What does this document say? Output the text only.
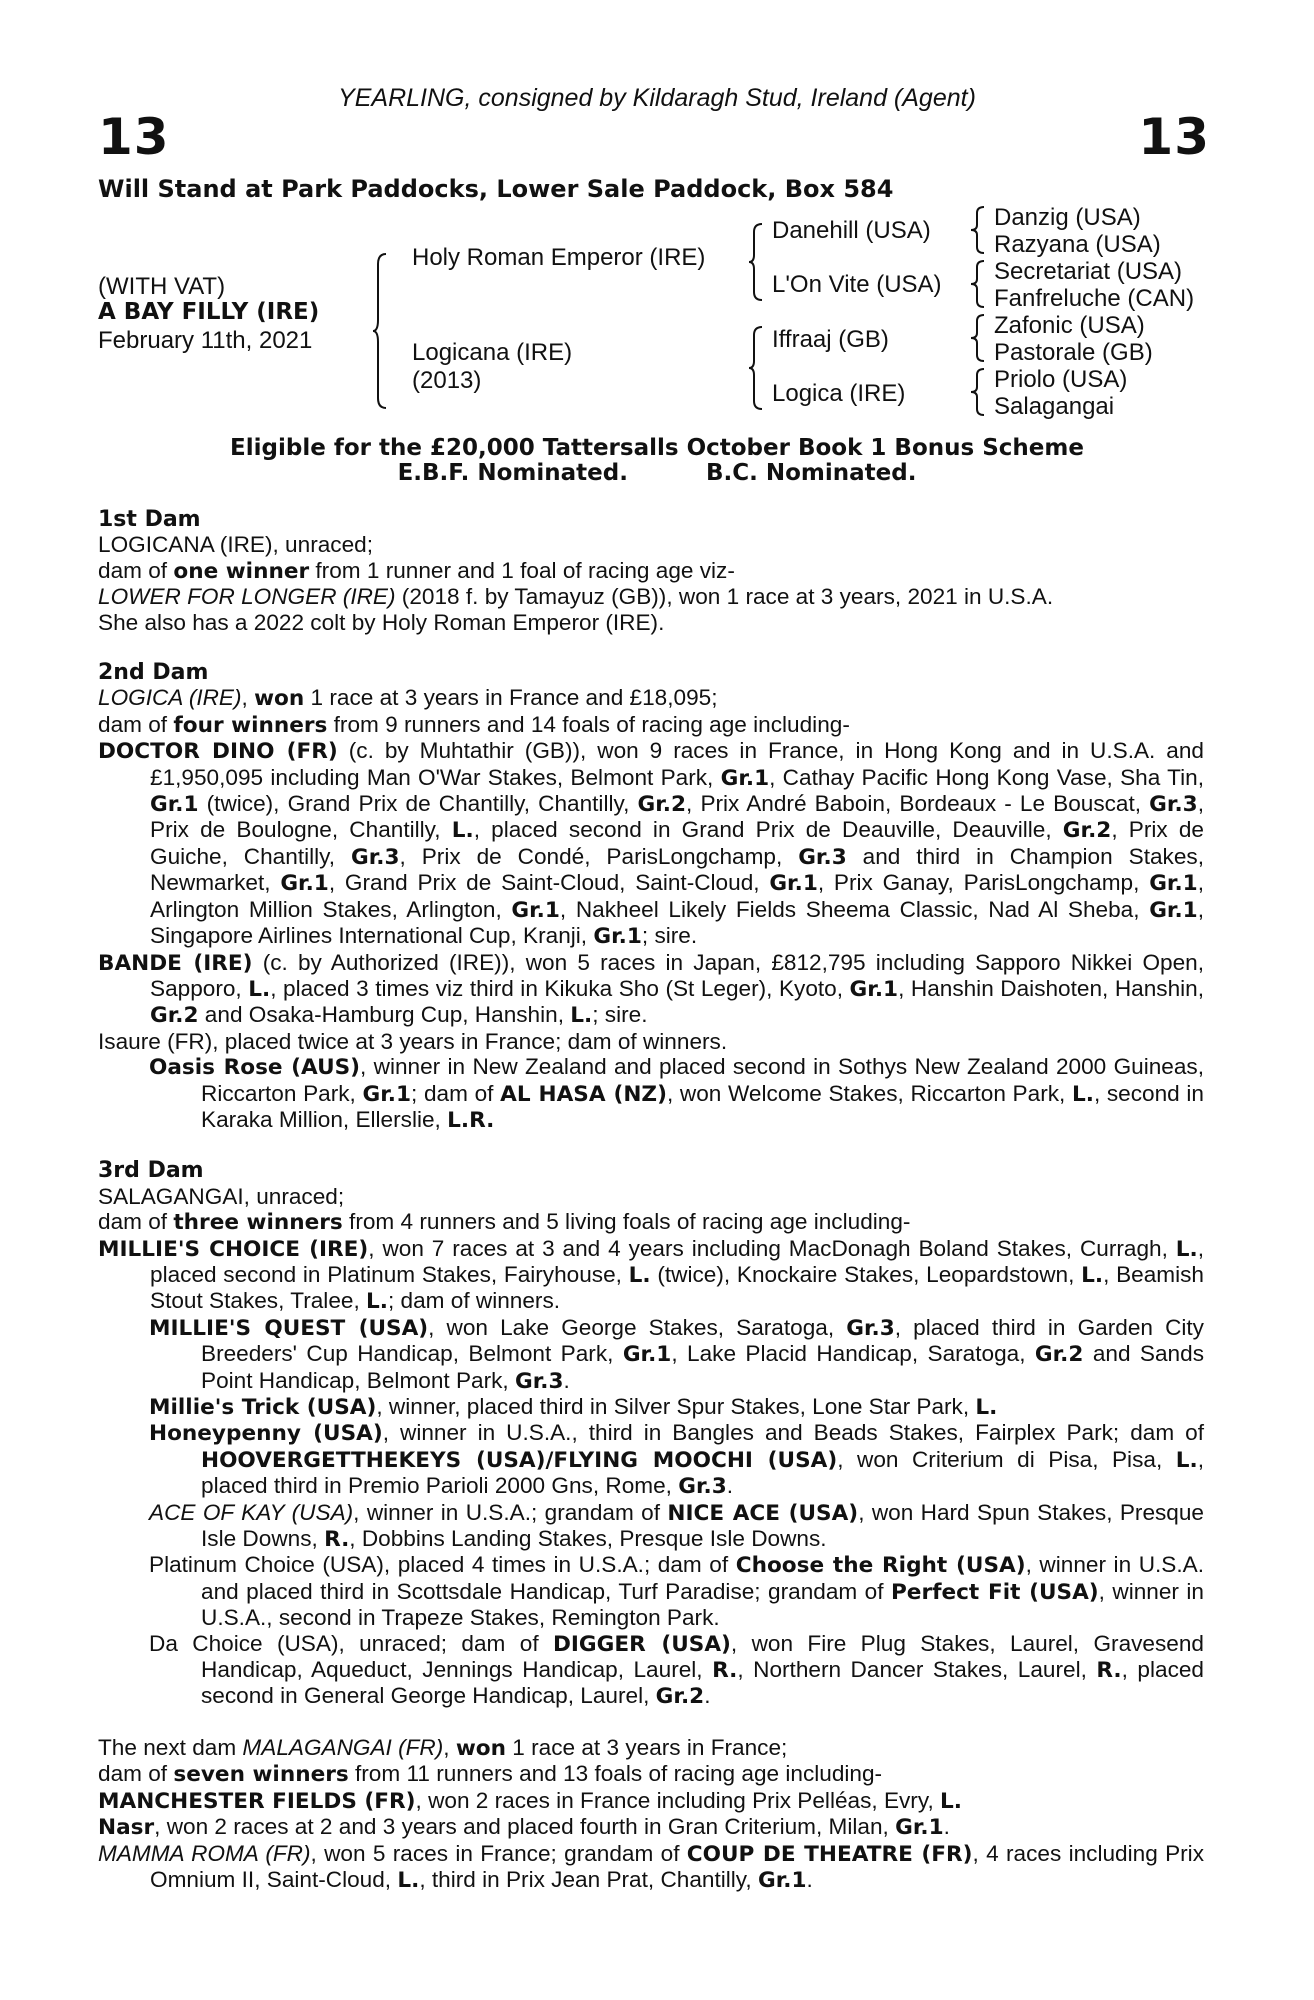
YEARLING, consigned by Kildaragh Stud, Ireland (Agent)
13	13
Will Stand at Park Paddocks, Lower Sale Paddock, Box 584
(WITH VAT)
A BAY FILLY (IRE)
February 11th, 2021
Holy Roman Emperor (IRE)
Logicana (IRE)
(2013)
Danehill (USA)
L'On Vite (USA)
Iffraaj (GB)
Logica (IRE)
Danzig (USA)
Razyana (USA)
Secretariat (USA)
Fanfreluche (CAN)
Zafonic (USA)
Pastorale (GB)
Priolo (USA)
Salagangai
Eligible for the £20,000 Tattersalls October Book 1 Bonus Scheme
E.B.F. Nominated.	B.C. Nominated.
1st Dam
LOGICANA (IRE), unraced;
dam of one winner from 1 runner and 1 foal of racing age viz-
LOWER FOR LONGER (IRE) (2018 f. by Tamayuz (GB)), won 1 race at 3 years, 2021 in U.S.A.
She also has a 2022 colt by Holy Roman Emperor (IRE).
2nd Dam
LOGICA (IRE), won 1 race at 3 years in France and £18,095;
dam of four winners from 9 runners and 14 foals of racing age including-
DOCTOR DINO (FR) (c. by Muhtathir (GB)), won 9 races in France, in Hong Kong and in U.S.A. and £1,950,095 including Man O'War Stakes, Belmont Park, Gr.1, Cathay Pacific Hong Kong Vase, Sha Tin, Gr.1 (twice), Grand Prix de Chantilly, Chantilly, Gr.2, Prix André Baboin, Bordeaux - Le Bouscat, Gr.3, Prix de Boulogne, Chantilly, L., placed second in Grand Prix de Deauville, Deauville, Gr.2, Prix de Guiche, Chantilly, Gr.3, Prix de Condé, ParisLongchamp, Gr.3 and third in Champion Stakes, Newmarket, Gr.1, Grand Prix de Saint-Cloud, Saint-Cloud, Gr.1, Prix Ganay, ParisLongchamp, Gr.1, Arlington Million Stakes, Arlington, Gr.1, Nakheel Likely Fields Sheema Classic, Nad Al Sheba, Gr.1, Singapore Airlines International Cup, Kranji, Gr.1; sire.
BANDE (IRE) (c. by Authorized (IRE)), won 5 races in Japan, £812,795 including Sapporo Nikkei Open, Sapporo, L., placed 3 times viz third in Kikuka Sho (St Leger), Kyoto, Gr.1, Hanshin Daishoten, Hanshin, Gr.2 and Osaka-Hamburg Cup, Hanshin, L.; sire.
Isaure (FR), placed twice at 3 years in France; dam of winners.
Oasis Rose (AUS), winner in New Zealand and placed second in Sothys New Zealand 2000 Guineas, Riccarton Park, Gr.1; dam of AL HASA (NZ), won Welcome Stakes, Riccarton Park, L., second in Karaka Million, Ellerslie, L.R.
3rd Dam
SALAGANGAI, unraced;
dam of three winners from 4 runners and 5 living foals of racing age including-
MILLIE'S CHOICE (IRE), won 7 races at 3 and 4 years including MacDonagh Boland Stakes, Curragh, L., placed second in Platinum Stakes, Fairyhouse, L. (twice), Knockaire Stakes, Leopardstown, L., Beamish Stout Stakes, Tralee, L.; dam of winners.
MILLIE'S QUEST (USA), won Lake George Stakes, Saratoga, Gr.3, placed third in Garden City Breeders' Cup Handicap, Belmont Park, Gr.1, Lake Placid Handicap, Saratoga, Gr.2 and Sands Point Handicap, Belmont Park, Gr.3.
Millie's Trick (USA), winner, placed third in Silver Spur Stakes, Lone Star Park, L.
Honeypenny (USA), winner in U.S.A., third in Bangles and Beads Stakes, Fairplex Park; dam of HOOVERGETTHEKEYS (USA)/FLYING MOOCHI (USA), won Criterium di Pisa, Pisa, L., placed third in Premio Parioli 2000 Gns, Rome, Gr.3.
ACE OF KAY (USA), winner in U.S.A.; grandam of NICE ACE (USA), won Hard Spun Stakes, Presque Isle Downs, R., Dobbins Landing Stakes, Presque Isle Downs.
Platinum Choice (USA), placed 4 times in U.S.A.; dam of Choose the Right (USA), winner in U.S.A. and placed third in Scottsdale Handicap, Turf Paradise; grandam of Perfect Fit (USA), winner in U.S.A., second in Trapeze Stakes, Remington Park.
Da Choice (USA), unraced; dam of DIGGER (USA), won Fire Plug Stakes, Laurel, Gravesend Handicap, Aqueduct, Jennings Handicap, Laurel, R., Northern Dancer Stakes, Laurel, R., placed second in General George Handicap, Laurel, Gr.2.
The next dam MALAGANGAI (FR), won 1 race at 3 years in France;
dam of seven winners from 11 runners and 13 foals of racing age including-
MANCHESTER FIELDS (FR), won 2 races in France including Prix Pelléas, Evry, L.
Nasr, won 2 races at 2 and 3 years and placed fourth in Gran Criterium, Milan, Gr.1.
MAMMA ROMA (FR), won 5 races in France; grandam of COUP DE THEATRE (FR), 4 races including Prix Omnium II, Saint-Cloud, L., third in Prix Jean Prat, Chantilly, Gr.1.
